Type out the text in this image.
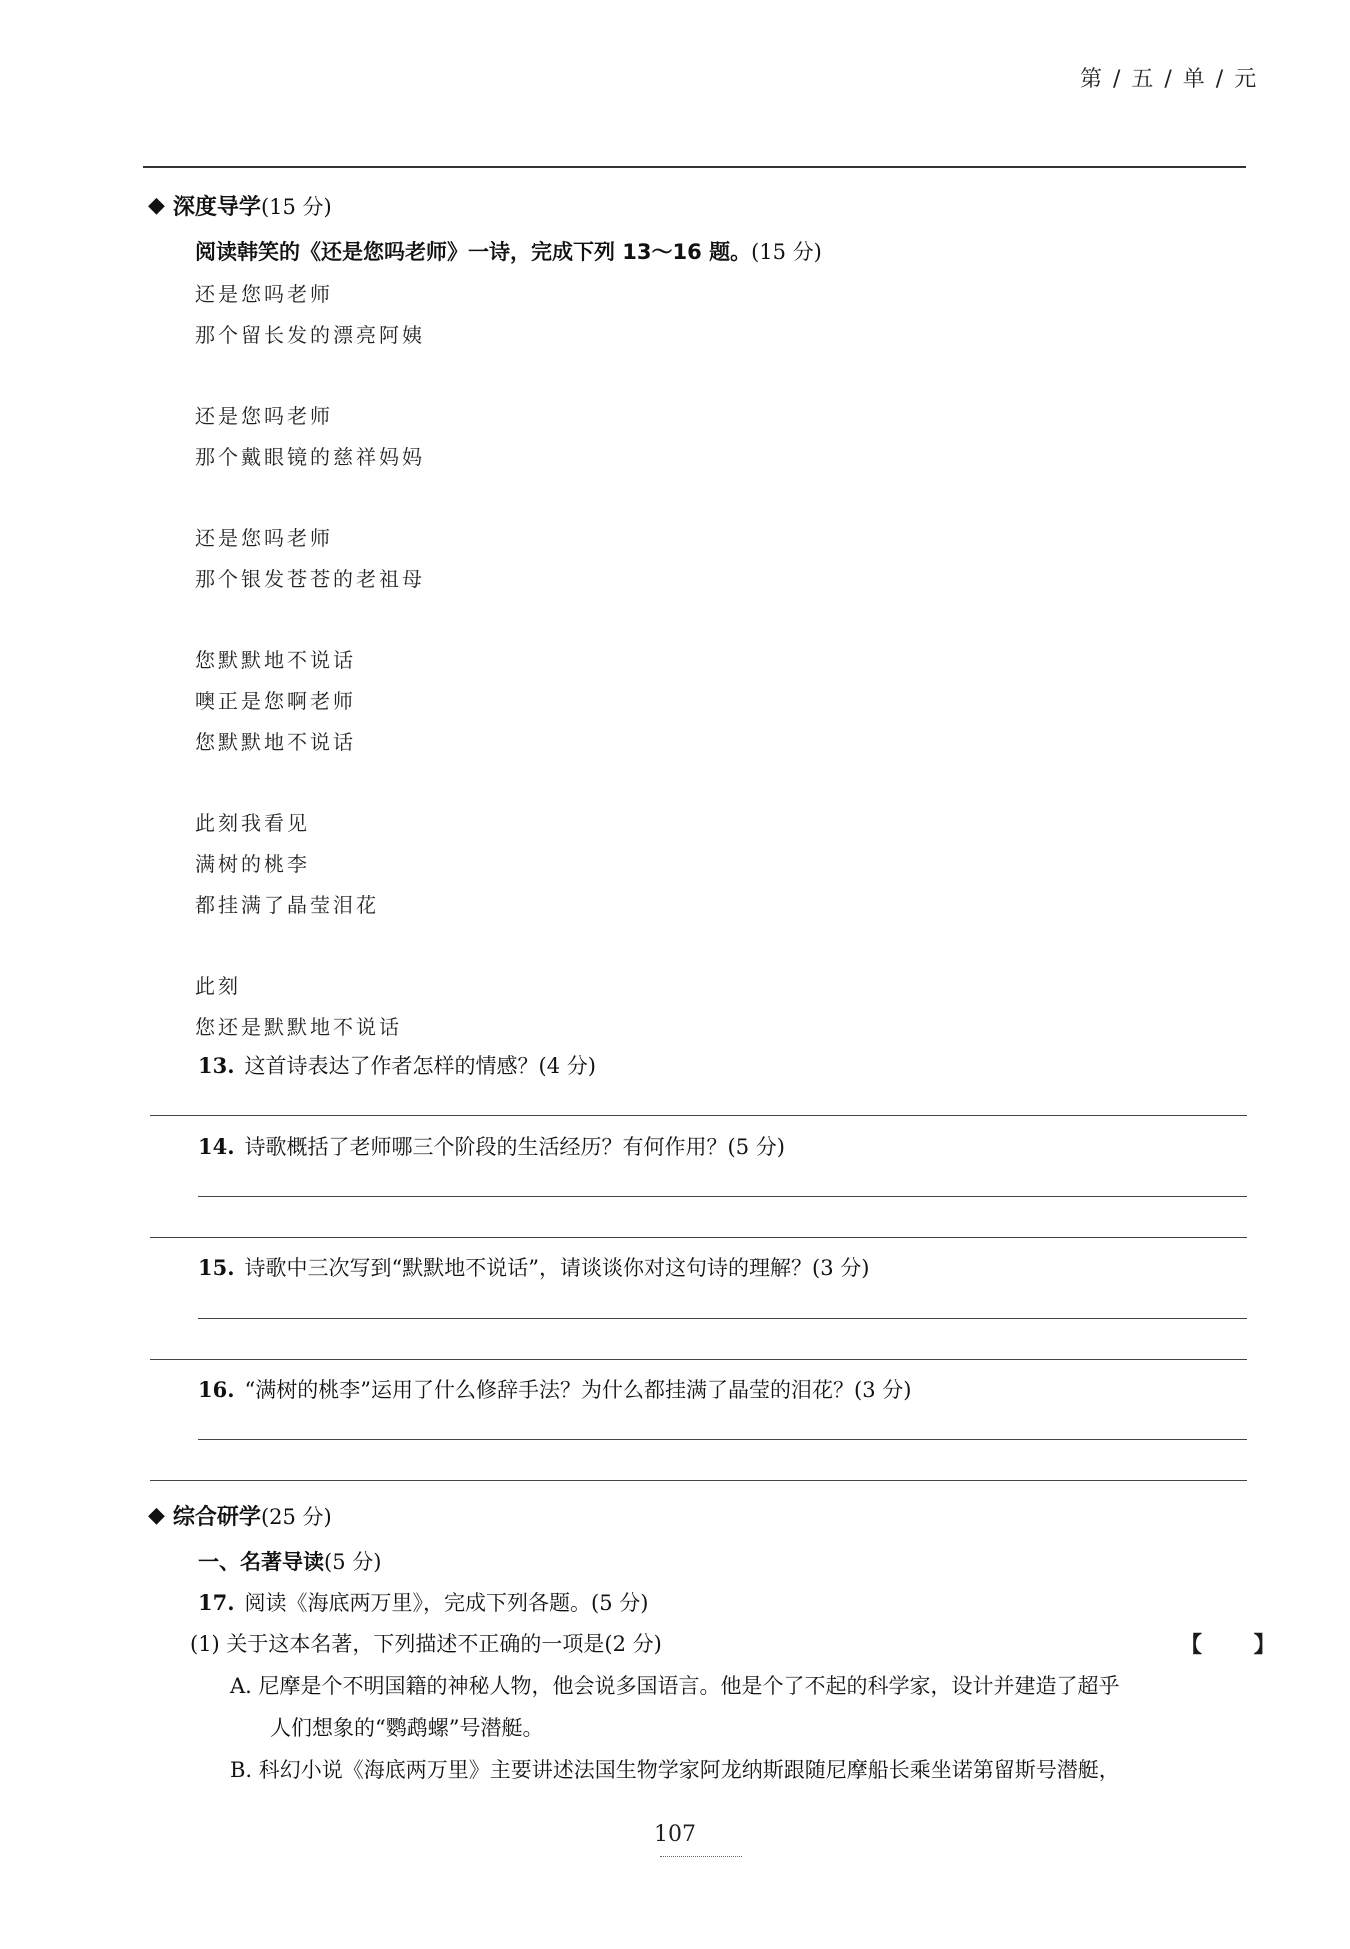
第 / 五 / 单 / 元
◆ 深度导学 (15 分)
阅读韩笑的《还是您吗老师》一诗，完成下列 13～16 题。(15 分)
还是您吗老师
那个留长发的漂亮阿姨
还是您吗老师
那个戴眼镜的慈祥妈妈
还是您吗老师
那个银发苍苍的老祖母
您默默地不说话
噢正是您啊老师
您默默地不说话
此刻我看见
满树的桃李
都挂满了晶莹泪花
此刻
您还是默默地不说话
13. 这首诗表达了作者怎样的情感？(4 分)
14. 诗歌概括了老师哪三个阶段的生活经历？有何作用？(5 分)
15. 诗歌中三次写到“默默地不说话”，请谈谈你对这句诗的理解？(3 分)
16. “满树的桃李”运用了什么修辞手法？为什么都挂满了晶莹的泪花？(3 分)
◆ 综合研学 (25 分)
一、名著导读(5 分)
17. 阅读《海底两万里》，完成下列各题。(5 分)
(1) 关于这本名著，下列描述不正确的一项是(2 分)	【 】
A. 尼摩是个不明国籍的神秘人物，他会说多国语言。他是个了不起的科学家，设计并建造了超乎
人们想象的“鹦鹉螺”号潜艇。
B. 科幻小说《海底两万里》主要讲述法国生物学家阿龙纳斯跟随尼摩船长乘坐诺第留斯号潜艇，
107
